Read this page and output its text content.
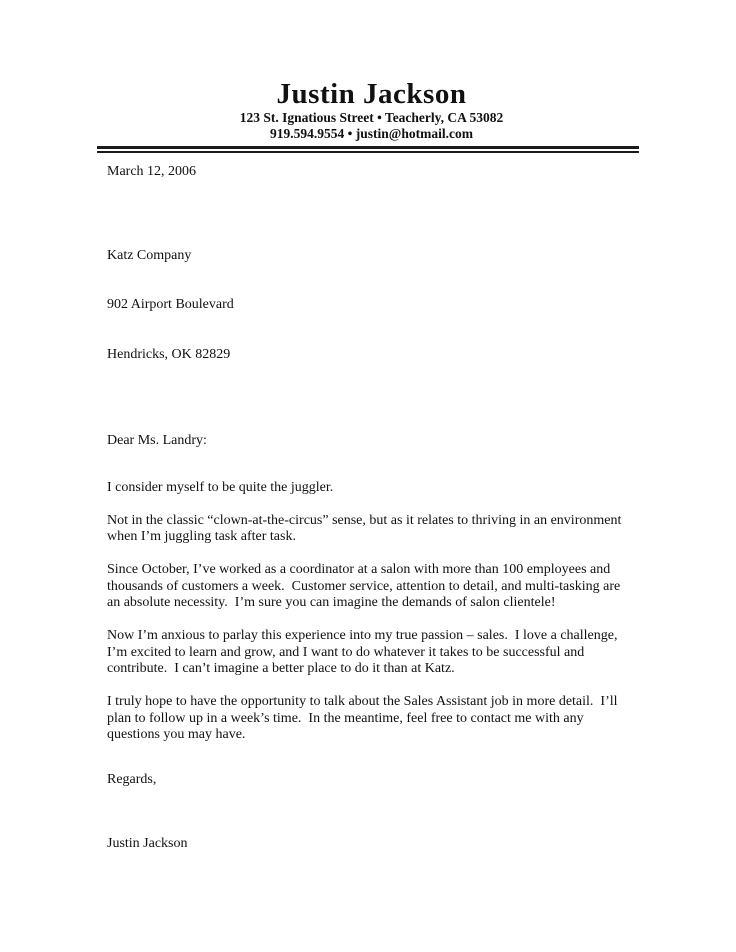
Justin Jackson

123 St. Ignatious Street • Teacherly, CA 53082

919.594.9554 • justin@hotmail.com

March 12, 2006

Katz Company

902 Airport Boulevard

Hendricks, OK 82829

Dear Ms. Landry:

I consider myself to be quite the juggler.

Not in the classic “clown-at-the-circus” sense, but as it relates to thriving in an environment when I’m juggling task after task.

Since October, I’ve worked as a coordinator at a salon with more than 100 employees and thousands of customers a week.  Customer service, attention to detail, and multi-tasking are an absolute necessity.  I’m sure you can imagine the demands of salon clientele!

Now I’m anxious to parlay this experience into my true passion – sales.  I love a challenge, I’m excited to learn and grow, and I want to do whatever it takes to be successful and contribute.  I can’t imagine a better place to do it than at Katz.

I truly hope to have the opportunity to talk about the Sales Assistant job in more detail.  I’ll plan to follow up in a week’s time.  In the meantime, feel free to contact me with any questions you may have.

Regards,

Justin Jackson
